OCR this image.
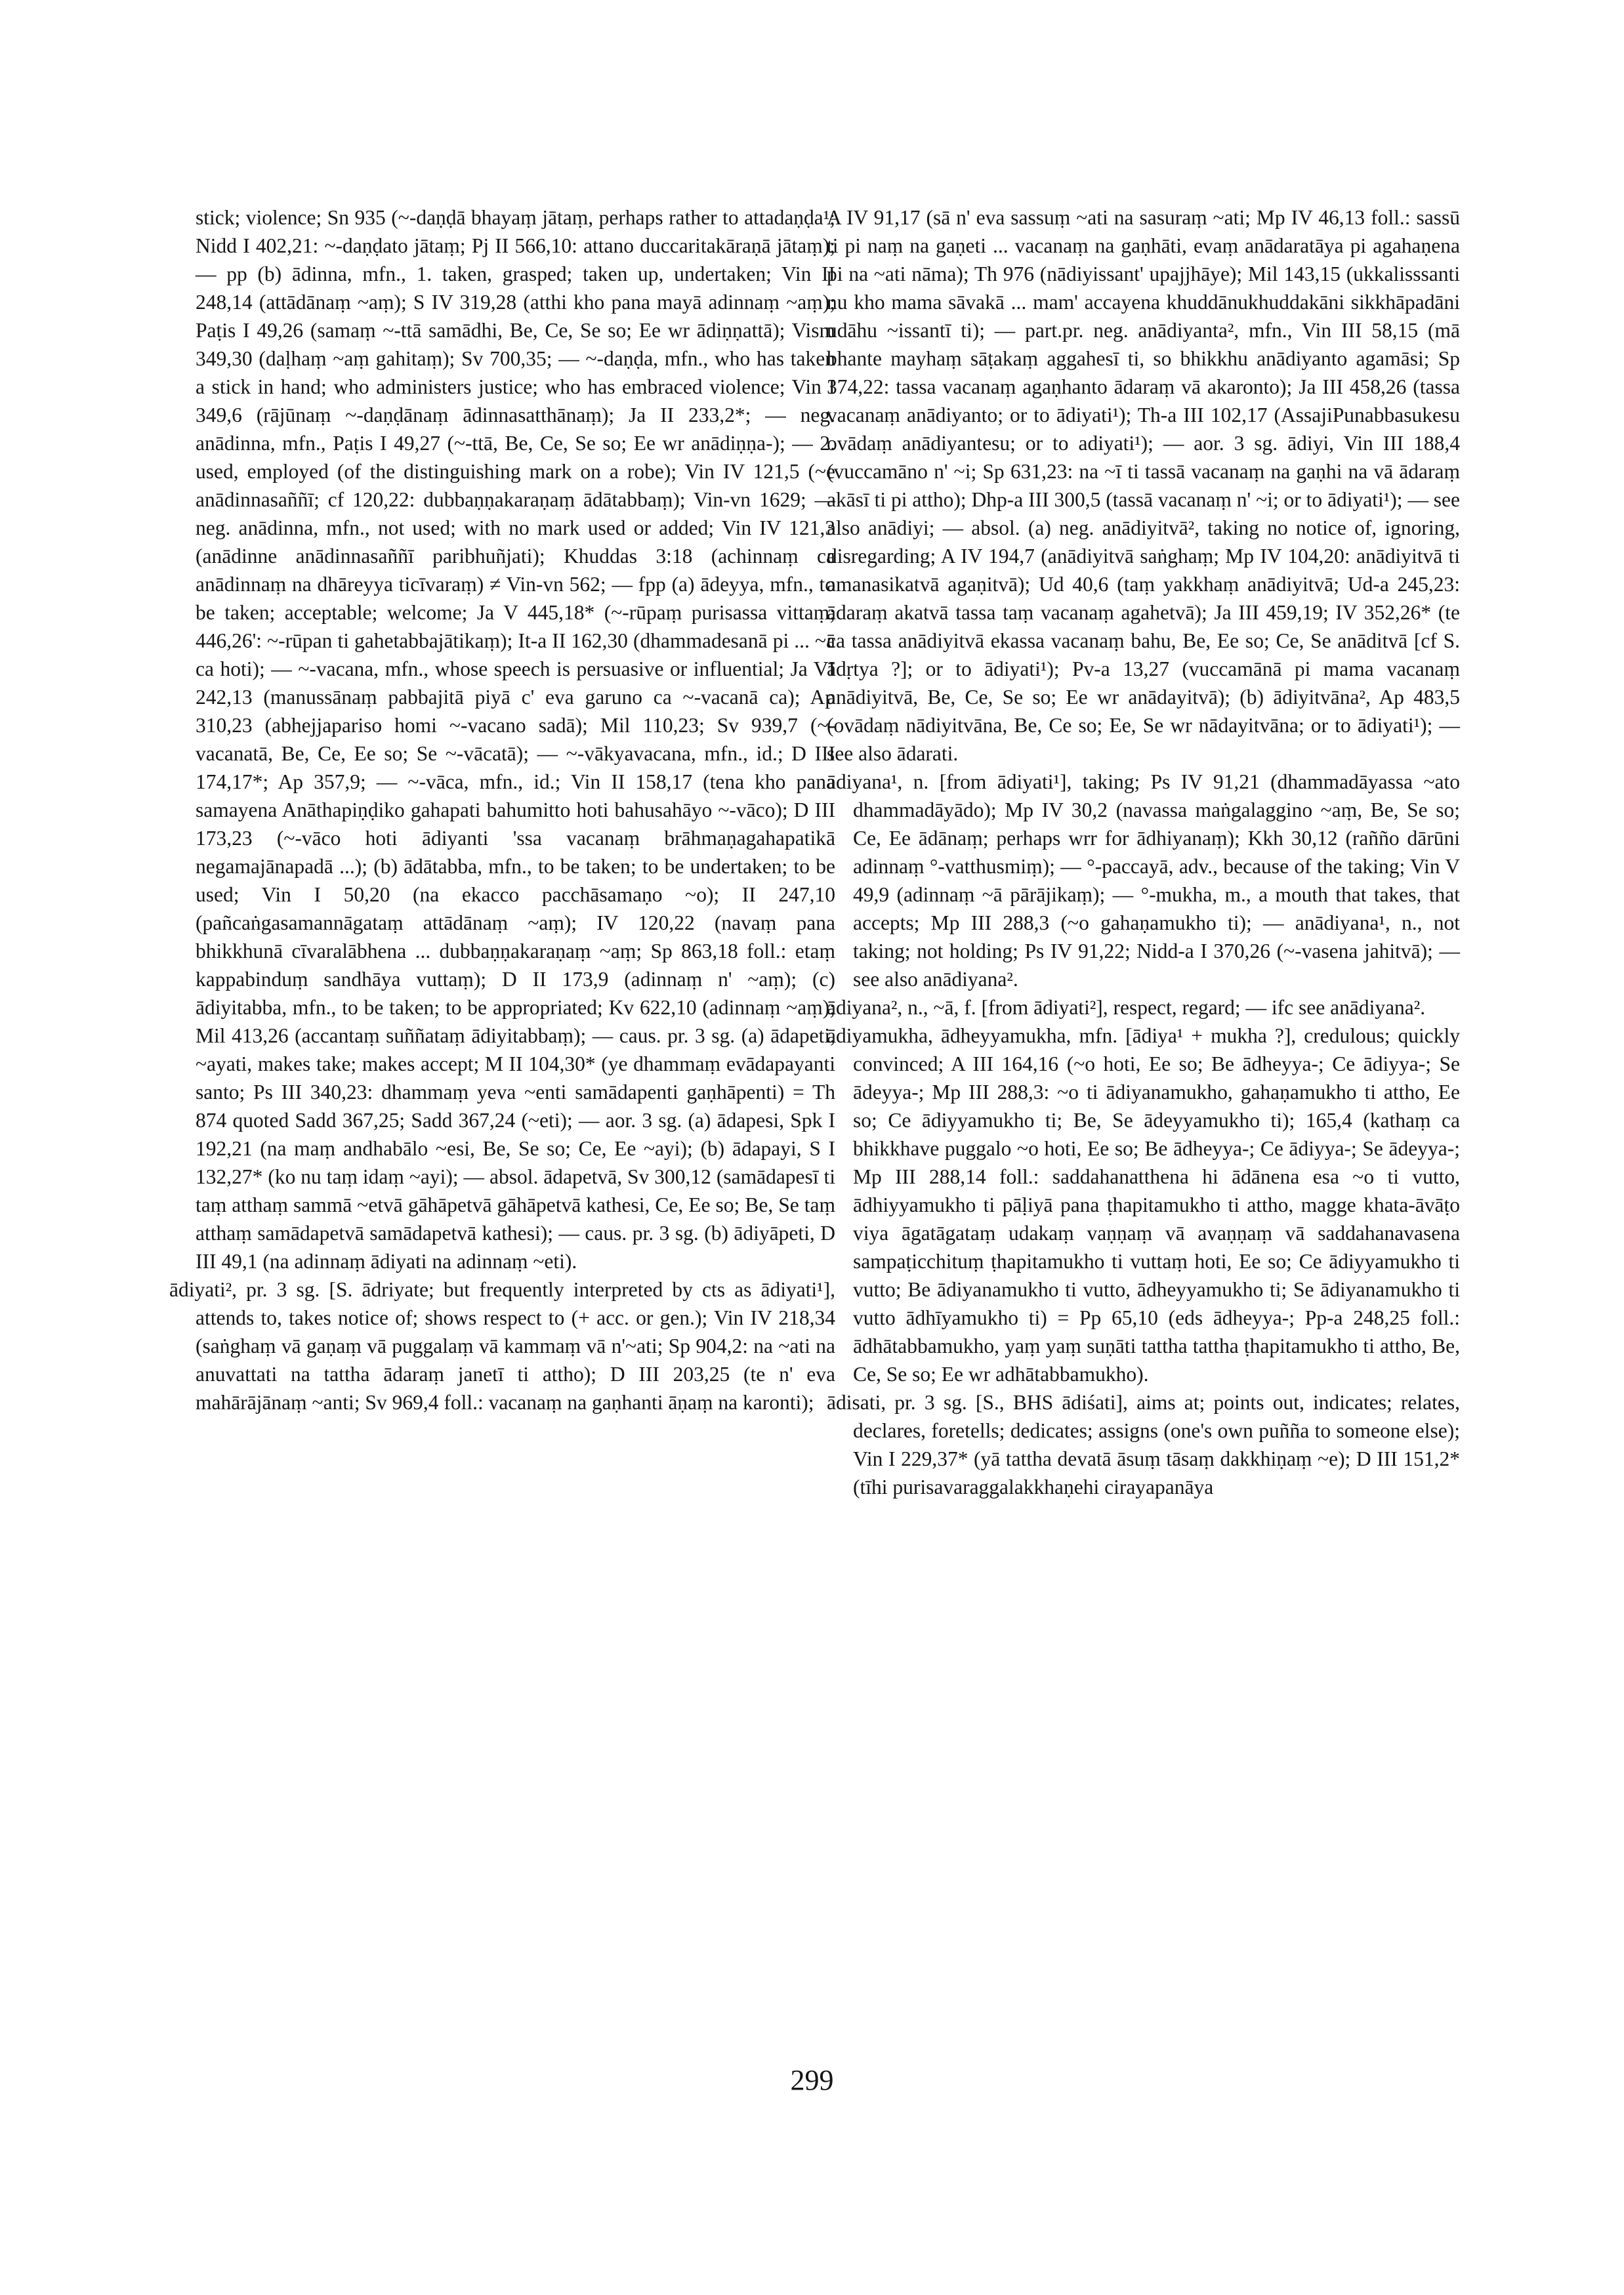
stick; violence; Sn 935 (~-daṇḍā bhayaṃ jātaṃ, perhaps rather to attadaṇḍa¹; Nidd I 402,21: ~-daṇḍato jātaṃ; Pj II 566,10: attano duccaritakāraṇā jātaṃ); — pp (b) ādinna, mfn., 1. taken, grasped; taken up, undertaken; Vin II 248,14 (attādānaṃ ~aṃ); S IV 319,28 (atthi kho pana mayā adinnaṃ ~aṃ); Paṭis I 49,26 (samaṃ ~-ttā samādhi, Be, Ce, Se so; Ee wr ādiṇṇattā); Vism 349,30 (daḷhaṃ ~aṃ gahitaṃ); Sv 700,35; — ~-daṇḍa, mfn., who has taken a stick in hand; who administers justice; who has embraced violence; Vin I 349,6 (rājūnaṃ ~-daṇḍānaṃ ādinnasatthānaṃ); Ja II 233,2*; — neg. anādinna, mfn., Paṭis I 49,27 (~-ttā, Be, Ce, Se so; Ee wr anādiṇṇa-); — 2. used, employed (of the distinguishing mark on a robe); Vin IV 121,5 (~e anādinnasaññī; cf 120,22: dubbaṇṇakaraṇaṃ ādātabbaṃ); Vin-vn 1629; — neg. anādinna, mfn., not used; with no mark used or added; Vin IV 121,3 (anādinne anādinnasaññī paribhuñjati); Khuddas 3:18 (achinnaṃ ca anādinnaṃ na dhāreyya ticīvaraṃ) ≠ Vin-vn 562; — fpp (a) ādeyya, mfn., to be taken; acceptable; welcome; Ja V 445,18* (~-rūpaṃ purisassa vittaṃ; 446,26': ~-rūpan ti gahetabbajātikaṃ); It-a II 162,30 (dhammadesanā pi ... ~ā ca hoti); — ~-vacana, mfn., whose speech is persuasive or influential; Ja VI 242,13 (manussānaṃ pabbajitā piyā c' eva garuno ca ~-vacanā ca); Ap 310,23 (abhejjapariso homi ~-vacano sadā); Mil 110,23; Sv 939,7 (~-vacanatā, Be, Ce, Ee so; Se ~-vācatā); — ~-vākyavacana, mfn., id.; D III 174,17*; Ap 357,9; — ~-vāca, mfn., id.; Vin II 158,17 (tena kho pana samayena Anāthapiṇḍiko gahapati bahumitto hoti bahusahāyo ~-vāco); D III 173,23 (~-vāco hoti ādiyanti 'ssa vacanaṃ brāhmaṇagahapatikā negamajānapadā ...); (b) ādātabba, mfn., to be taken; to be undertaken; to be used; Vin I 50,20 (na ekacco pacchāsamaṇo ~o); II 247,10 (pañcaṅgasamannāgataṃ attādānaṃ ~aṃ); IV 120,22 (navaṃ pana bhikkhunā cīvaralābhena ... dubbaṇṇakaraṇaṃ ~aṃ; Sp 863,18 foll.: etaṃ kappabinduṃ sandhāya vuttaṃ); D II 173,9 (adinnaṃ n' ~aṃ); (c) ādiyitabba, mfn., to be taken; to be appropriated; Kv 622,10 (adinnaṃ ~aṃ); Mil 413,26 (accantaṃ suññataṃ ādiyitabbaṃ); — caus. pr. 3 sg. (a) ādapeti, ~ayati, makes take; makes accept; M II 104,30* (ye dhammaṃ evādapayanti santo; Ps III 340,23: dhammaṃ yeva ~enti samādapenti gaṇhāpenti) = Th 874 quoted Sadd 367,25; Sadd 367,24 (~eti); — aor. 3 sg. (a) ādapesi, Spk I 192,21 (na maṃ andhabālo ~esi, Be, Se so; Ce, Ee ~ayi); (b) ādapayi, S I 132,27* (ko nu taṃ idaṃ ~ayi); — absol. ādapetvā, Sv 300,12 (samādapesī ti taṃ atthaṃ sammā ~etvā gāhāpetvā gāhāpetvā kathesi, Ce, Ee so; Be, Se taṃ atthaṃ samādapetvā samādapetvā kathesi); — caus. pr. 3 sg. (b) ādiyāpeti, D III 49,1 (na adinnaṃ ādiyati na adinnaṃ ~eti).

ādiyati², pr. 3 sg. [S. ādriyate; but frequently interpreted by cts as ādiyati¹], attends to, takes notice of; shows respect to (+ acc. or gen.); Vin IV 218,34 (saṅghaṃ vā gaṇaṃ vā puggalaṃ vā kammaṃ vā n'~ati; Sp 904,2: na ~ati na anuvattati na tattha ādaraṃ janetī ti attho); D III 203,25 (te n' eva mahārājānaṃ ~anti; Sv 969,4 foll.: vacanaṃ na gaṇhanti āṇaṃ na karonti);

A IV 91,17 (sā n' eva sassuṃ ~ati na sasuraṃ ~ati; Mp IV 46,13 foll.: sassū ti pi naṃ na gaṇeti ... vacanaṃ na gaṇhāti, evaṃ anādaratāya pi agahaṇena pi na ~ati nāma); Th 976 (nādiyissant' upajjhāye); Mil 143,15 (ukkalisssanti nu kho mama sāvakā ... mam' accayena khuddānukhuddakāni sikkhāpadāni udāhu ~issantī ti); — part.pr. neg. anādiyanta², mfn., Vin III 58,15 (mā bhante mayhaṃ sāṭakaṃ aggahesī ti, so bhikkhu anādiyanto agamāsi; Sp 374,22: tassa vacanaṃ agaṇhanto ādaraṃ vā akaronto); Ja III 458,26 (tassa vacanaṃ anādiyanto; or to ādiyati¹); Th-a III 102,17 (AssajiPunabbasukesu ovādaṃ anādiyantesu; or to adiyati¹); — aor. 3 sg. ādiyi, Vin III 188,4 (vuccamāno n' ~i; Sp 631,23: na ~ī ti tassā vacanaṃ na gaṇhi na vā ādaraṃ akāsī ti pi attho); Dhp-a III 300,5 (tassā vacanaṃ n' ~i; or to ādiyati¹); — see also anādiyi; — absol. (a) neg. anādiyitvā², taking no notice of, ignoring, disregarding; A IV 194,7 (anādiyitvā saṅghaṃ; Mp IV 104,20: anādiyitvā ti amanasikatvā agaṇitvā); Ud 40,6 (taṃ yakkhaṃ anādiyitvā; Ud-a 245,23: ādaraṃ akatvā tassa taṃ vacanaṃ agahetvā); Ja III 459,19; IV 352,26* (te ca tassa anādiyitvā ekassa vacanaṃ bahu, Be, Ee so; Ce, Se anāditvā [cf S. ādṛtya ?]; or to ādiyati¹); Pv-a 13,27 (vuccamānā pi mama vacanaṃ anādiyitvā, Be, Ce, Se so; Ee wr anādayitvā); (b) ādiyitvāna², Ap 483,5 (ovādaṃ nādiyitvāna, Be, Ce so; Ee, Se wr nādayitvāna; or to ādiyati¹); — see also ādarati.

ādiyana¹, n. [from ādiyati¹], taking; Ps IV 91,21 (dhammadāyassa ~ato dhammadāyādo); Mp IV 30,2 (navassa maṅgalaggino ~aṃ, Be, Se so; Ce, Ee ādānaṃ; perhaps wrr for ādhiyanaṃ); Kkh 30,12 (rañño dārūni adinnaṃ °-vatthusmiṃ); — °-paccayā, adv., because of the taking; Vin V 49,9 (adinnaṃ ~ā pārājikaṃ); — °-mukha, m., a mouth that takes, that accepts; Mp III 288,3 (~o gahaṇamukho ti); — anādiyana¹, n., not taking; not holding; Ps IV 91,22; Nidd-a I 370,26 (~-vasena jahitvā); — see also anādiyana².

ādiyana², n., ~ā, f. [from ādiyati²], respect, regard; — ifc see anādiyana².

ādiyamukha, ādheyyamukha, mfn. [ādiya¹ + mukha ?], credulous; quickly convinced; A III 164,16 (~o hoti, Ee so; Be ādheyya-; Ce ādiyya-; Se ādeyya-; Mp III 288,3: ~o ti ādiyanamukho, gahaṇamukho ti attho, Ee so; Ce ādiyyamukho ti; Be, Se ādeyyamukho ti); 165,4 (kathaṃ ca bhikkhave puggalo ~o hoti, Ee so; Be ādheyya-; Ce ādiyya-; Se ādeyya-; Mp III 288,14 foll.: saddahanatthena hi ādānena esa ~o ti vutto, ādhiyyamukho ti pāḷiyā pana ṭhapitamukho ti attho, magge khata-āvāṭo viya āgatāgataṃ udakaṃ vaṇṇaṃ vā avaṇṇaṃ vā saddahanavasena sampaṭicchituṃ ṭhapitamukho ti vuttaṃ hoti, Ee so; Ce ādiyyamukho ti vutto; Be ādiyanamukho ti vutto, ādheyyamukho ti; Se ādiyanamukho ti vutto ādhīyamukho ti) = Pp 65,10 (eds ādheyya-; Pp-a 248,25 foll.: ādhātabbamukho, yaṃ yaṃ suṇāti tattha tattha ṭhapitamukho ti attho, Be, Ce, Se so; Ee wr adhātabbamukho).

ādisati, pr. 3 sg. [S., BHS ādiśati], aims at; points out, indicates; relates, declares, foretells; dedicates; assigns (one's own puñña to someone else); Vin I 229,37* (yā tattha devatā āsuṃ tāsaṃ dakkhiṇaṃ ~e); D III 151,2* (tīhi purisavaraggalakkhaṇehi cirayapanāya

299
